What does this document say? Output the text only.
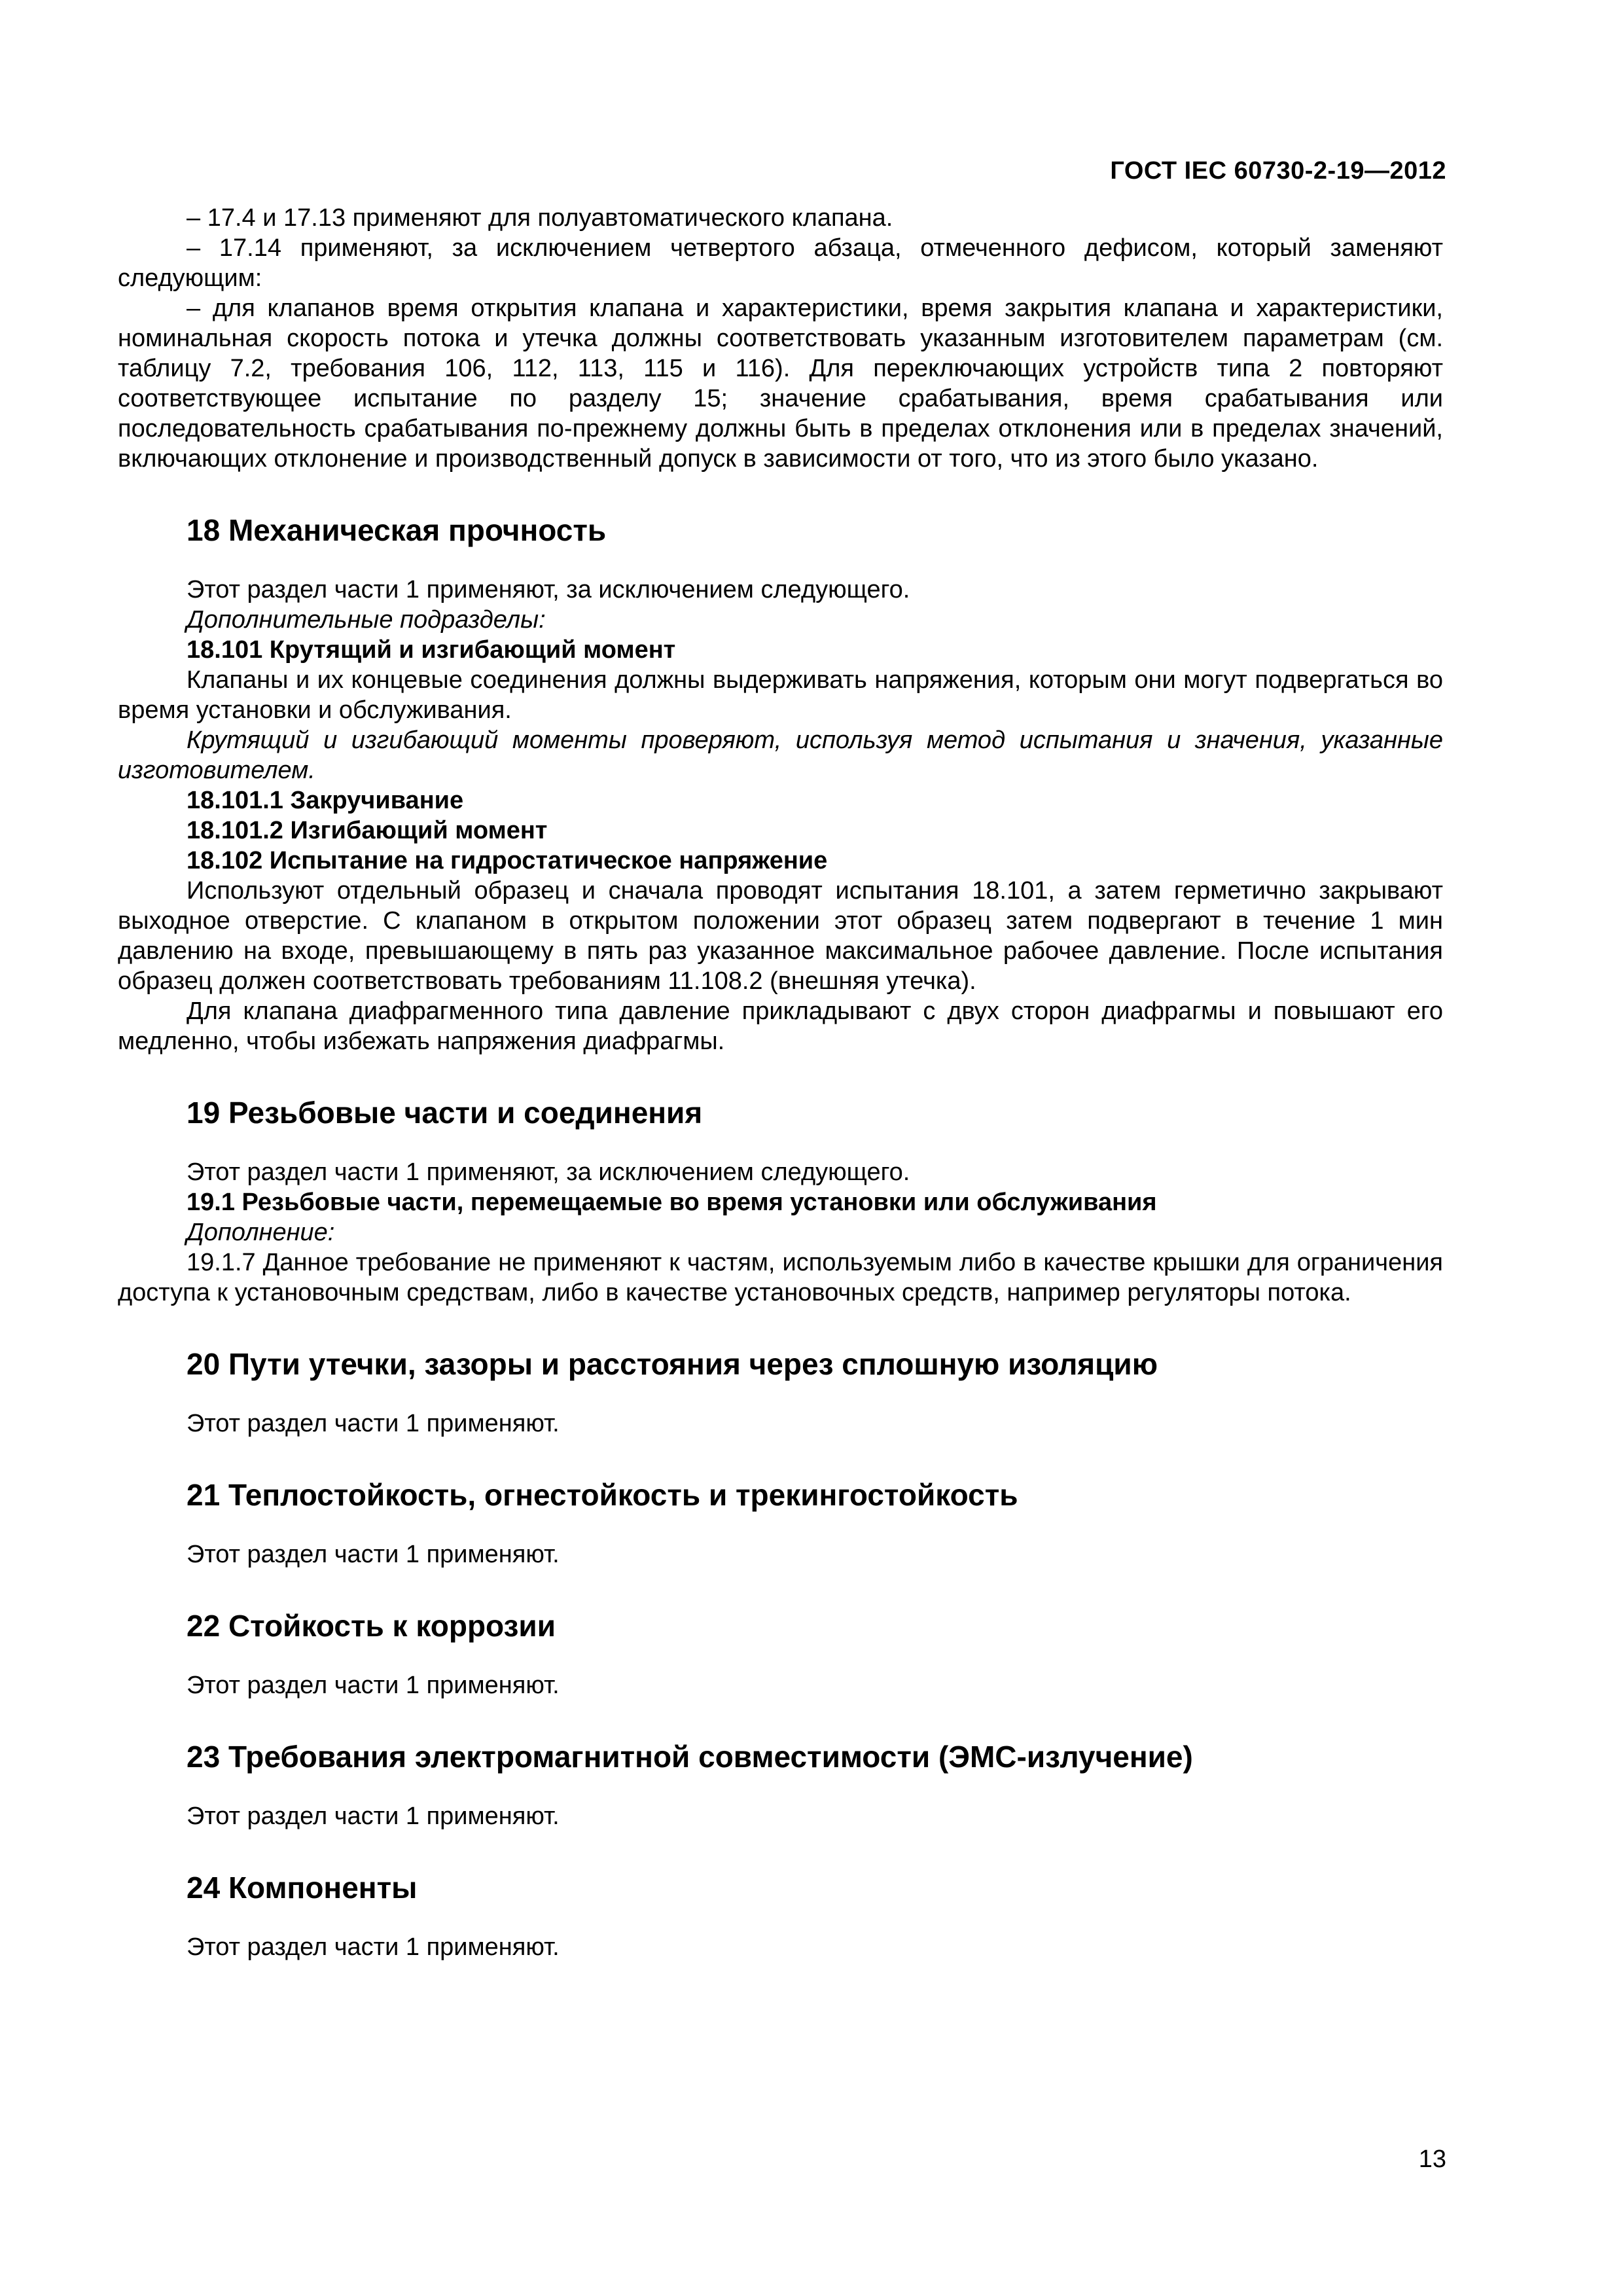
ГОСТ IEC 60730-2-19—2012

– 17.4 и 17.13 применяют для полуавтоматического клапана.

– 17.14 применяют, за исключением четвертого абзаца, отмеченного дефисом, который заменяют следующим:

– для клапанов время открытия клапана и характеристики, время закрытия клапана и характеристики, номинальная скорость потока и утечка должны соответствовать указанным изготовителем параметрам (см. таблицу 7.2, требования 106, 112, 113, 115 и 116). Для переключающих устройств типа 2 повторяют соответствующее испытание по разделу 15; значение срабатывания, время срабатывания или последовательность срабатывания по-прежнему должны быть в пределах отклонения или в пределах значений, включающих отклонение и производственный допуск в зависимости от того, что из этого было указано.

18 Механическая прочность

Этот раздел части 1 применяют, за исключением следующего.

Дополнительные подразделы:

18.101 Крутящий и изгибающий момент

Клапаны и их концевые соединения должны выдерживать напряжения, которым они могут подвергаться во время установки и обслуживания.

Крутящий и изгибающий моменты проверяют, используя метод испытания и значения, указанные изготовителем.

18.101.1 Закручивание

18.101.2 Изгибающий момент

18.102 Испытание на гидростатическое напряжение

Используют отдельный образец и сначала проводят испытания 18.101, а затем герметично закрывают выходное отверстие. С клапаном в открытом положении этот образец затем подвергают в течение 1 мин давлению на входе, превышающему в пять раз указанное максимальное рабочее давление. После испытания образец должен соответствовать требованиям 11.108.2 (внешняя утечка).

Для клапана диафрагменного типа давление прикладывают с двух сторон диафрагмы и повышают его медленно, чтобы избежать напряжения диафрагмы.

19 Резьбовые части и соединения

Этот раздел части 1 применяют, за исключением следующего.

19.1 Резьбовые части, перемещаемые во время установки или обслуживания

Дополнение:

19.1.7 Данное требование не применяют к частям, используемым либо в качестве крышки для ограничения доступа к установочным средствам, либо в качестве установочных средств, например регуляторы потока.

20 Пути утечки, зазоры и расстояния через сплошную изоляцию

Этот раздел части 1 применяют.

21 Теплостойкость, огнестойкость и трекингостойкость

Этот раздел части 1 применяют.

22 Стойкость к коррозии

Этот раздел части 1 применяют.

23 Требования электромагнитной совместимости (ЭМС-излучение)

Этот раздел части 1 применяют.

24 Компоненты

Этот раздел части 1 применяют.

13
